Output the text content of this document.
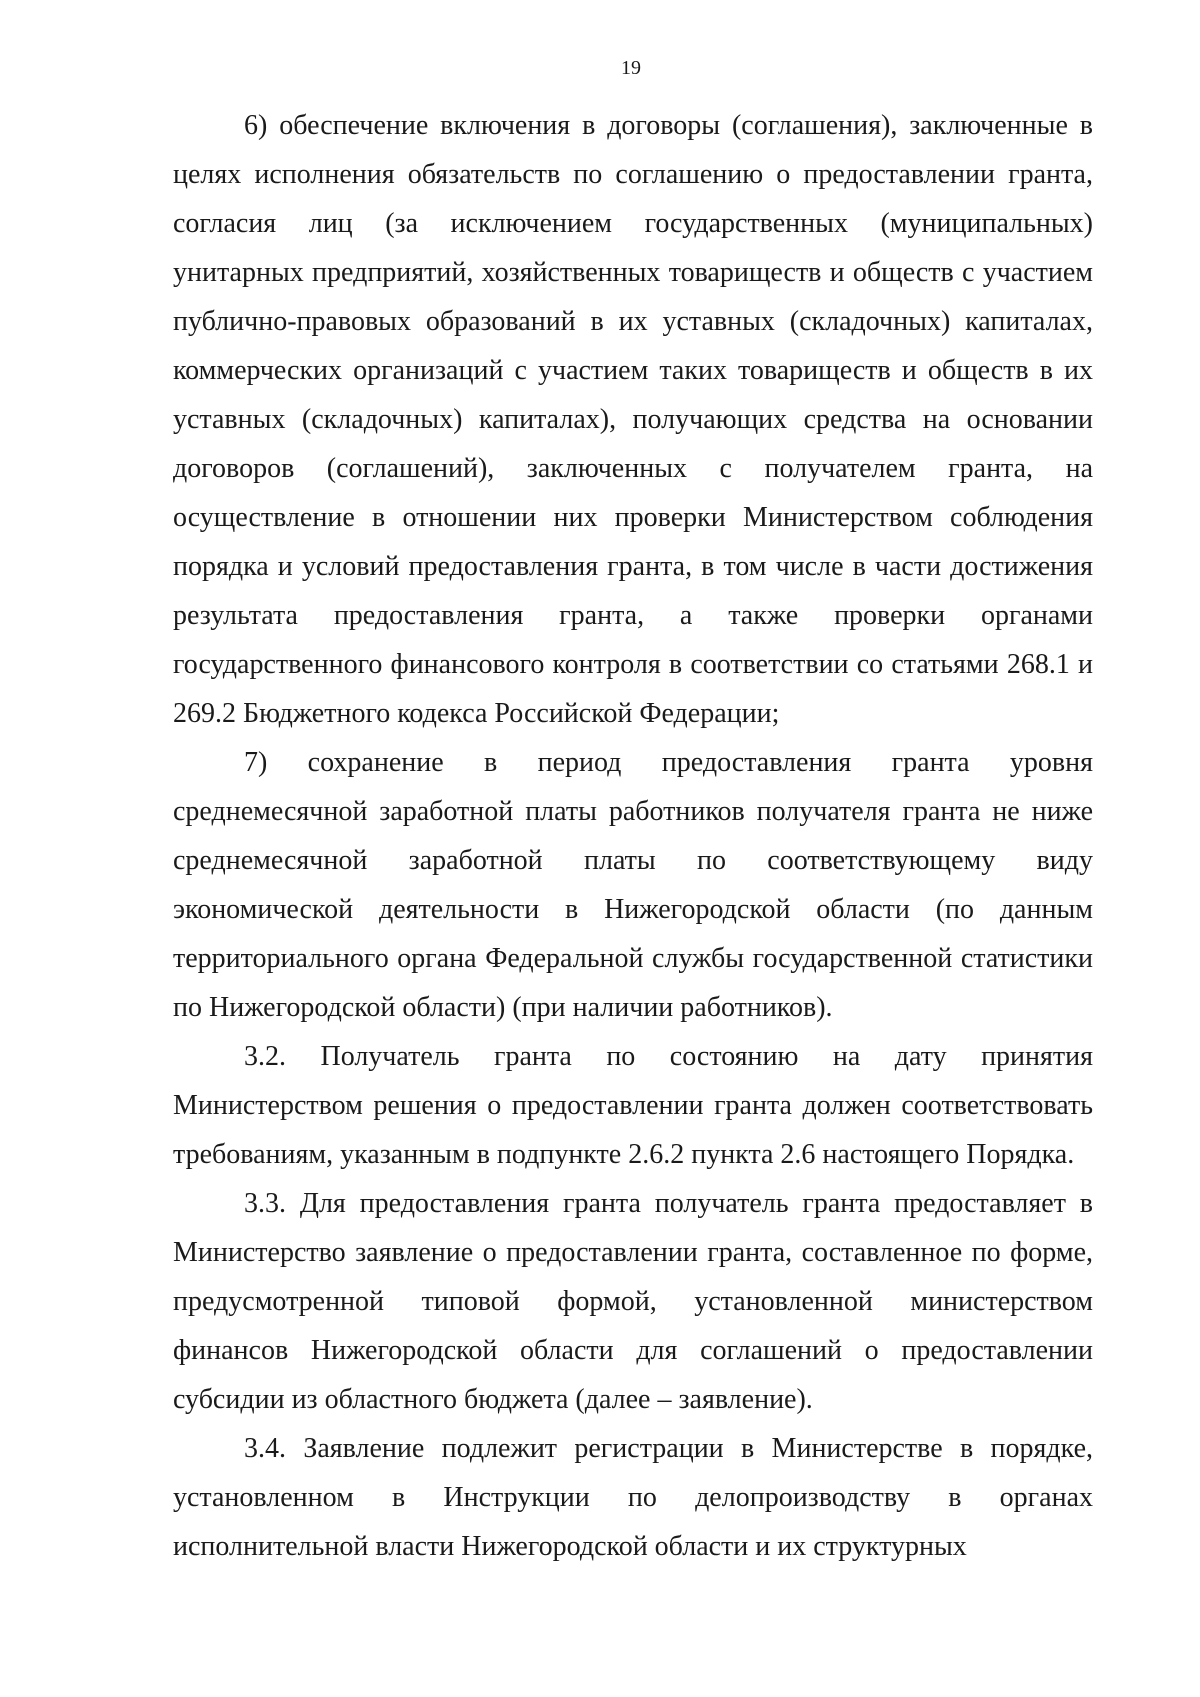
19

6) обеспечение включения в договоры (соглашения), заключенные в целях исполнения обязательств по соглашению о предоставлении гранта, согласия лиц (за исключением государственных (муниципальных) унитарных предприятий, хозяйственных товариществ и обществ с участием публично-правовых образований в их уставных (складочных) капиталах, коммерческих организаций с участием таких товариществ и обществ в их уставных (складочных) капиталах), получающих средства на основании договоров (соглашений), заключенных с получателем гранта, на осуществление в отношении них проверки Министерством соблюдения порядка и условий предоставления гранта, в том числе в части достижения результата предоставления гранта, а также проверки органами государственного финансового контроля в соответствии со статьями 268.1 и 269.2 Бюджетного кодекса Российской Федерации;

7) сохранение в период предоставления гранта уровня среднемесячной заработной платы работников получателя гранта не ниже среднемесячной заработной платы по соответствующему виду экономической деятельности в Нижегородской области (по данным территориального органа Федеральной службы государственной статистики по Нижегородской области) (при наличии работников).

3.2. Получатель гранта по состоянию на дату принятия Министерством решения о предоставлении гранта должен соответствовать требованиям, указанным в подпункте 2.6.2 пункта 2.6 настоящего Порядка.

3.3. Для предоставления гранта получатель гранта предоставляет в Министерство заявление о предоставлении гранта, составленное по форме, предусмотренной типовой формой, установленной министерством финансов Нижегородской области для соглашений о предоставлении субсидии из областного бюджета (далее – заявление).

3.4. Заявление подлежит регистрации в Министерстве в порядке, установленном в Инструкции по делопроизводству в органах исполнительной власти Нижегородской области и их структурных
